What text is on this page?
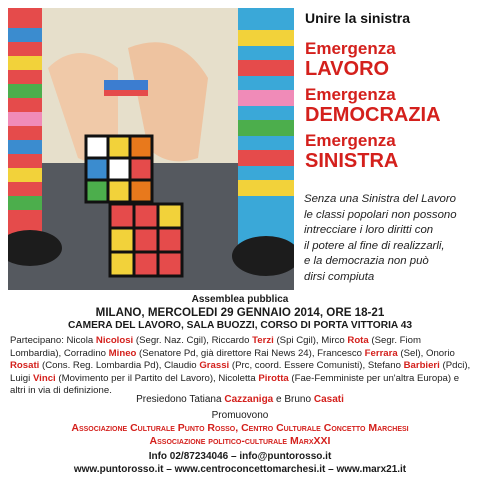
Unire la sinistra
Emergenza
LAVORO
Emergenza
DEMOCRAZIA
Emergenza
SINISTRA
Senza una Sinistra del Lavoro
le classi popolari non possono
intrecciare i loro diritti con
il potere al fine di realizzarli,
e la democrazia non può
dirsi compiuta
Assemblea pubblica
MILANO, MERCOLEDI 29 GENNAIO 2014, ORE 18-21
CAMERA DEL LAVORO, SALA BUOZZI, CORSO DI PORTA VITTORIA 43
Partecipano: Nicola Nicolosi (Segr. Naz. Cgil), Riccardo Terzi (Spi Cgil), Mirco Rota (Segr. Fiom Lombardia), Corradino Mineo (Senatore Pd, già direttore Rai News 24), Francesco Ferrara (Sel), Onorio Rosati (Cons. Reg. Lombardia Pd), Claudio Grassi (Prc, coord. Essere Comunisti), Stefano Barbieri (Pdci), Luigi Vinci (Movimento per il Partito del Lavoro), Nicoletta Pirotta (Fae-Femministe per un'altra Europa) e altri in via di definizione.
Presiedono Tatiana Cazzaniga e Bruno Casati
Promuovono
Associazione Culturale Punto Rosso, Centro Culturale Concetto Marchesi
Associazione politico-culturale MarxXXI
Info 02/87234046 – info@puntorosso.it
www.puntorosso.it – www.centroconcettomarchesi.it – www.marx21.it
